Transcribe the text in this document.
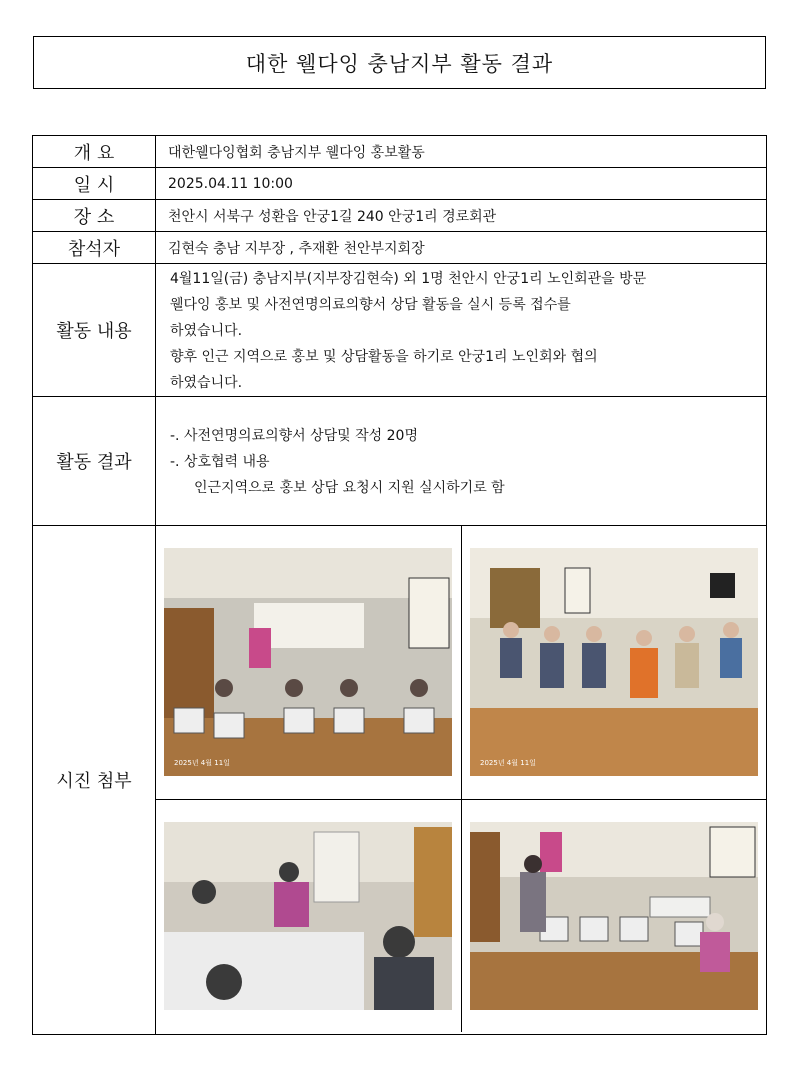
대한 웰다잉 충남지부 활동 결과
개 요	대한웰다잉협회 충남지부 웰다잉 홍보활동
일 시	2025.04.11 10:00
장 소	천안시 서북구 성환읍 안궁1길 240 안궁1리 경로회관
참석자	김현숙 충남 지부장 , 추재환 천안부지회장
활동 내용	4월11일(금) 충남지부(지부장김현숙) 외 1명 천안시 안궁1리 노인회관을 방문
웰다잉 홍보 및 사전연명의료의향서 상담 활동을 실시 등록 접수를
하였습니다.
향후 인근 지역으로 홍보 및 상담활동을 하기로 안궁1리 노인회와 협의
하였습니다.

활동 결과	-. 사전연명의료의향서 상담및 작성 20명
-. 상호협력 내용
인근지역으로 홍보 상담 요청시 지원 실시하기로 함

시진 첨부	2025년 4월 11일 2025년 4월 11일
